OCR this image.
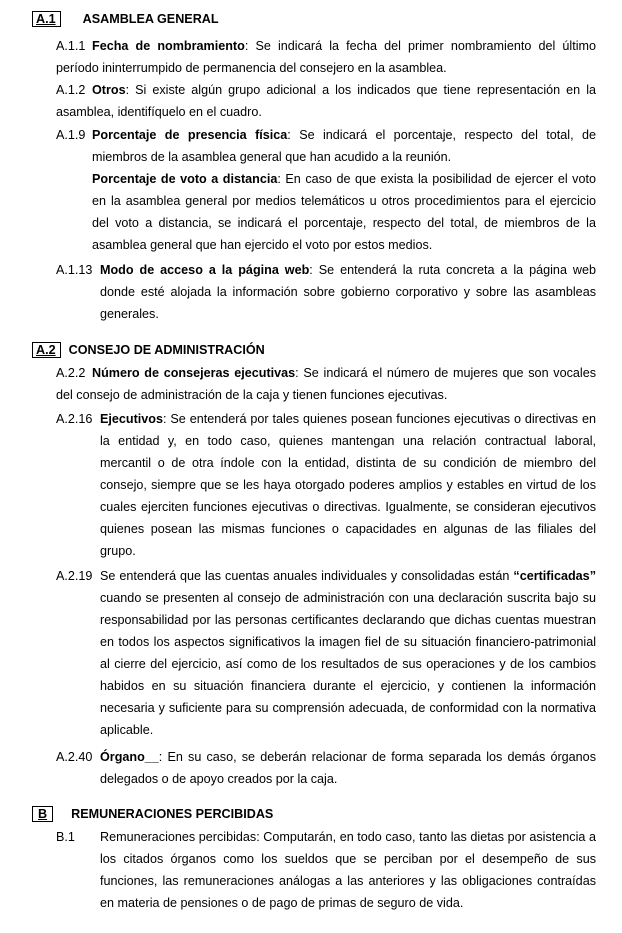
A.1	ASAMBLEA GENERAL
A.1.1 Fecha de nombramiento: Se indicará la fecha del primer nombramiento del último período ininterrumpido de permanencia del consejero en la asamblea.

A.1.2 Otros: Si existe algún grupo adicional a los indicados que tiene representación en la asamblea, identifíquelo en el cuadro.

A.1.9 Porcentaje de presencia física: Se indicará el porcentaje, respecto del total, de miembros de la asamblea general que han acudido a la reunión.

Porcentaje de voto a distancia: En caso de que exista la posibilidad de ejercer el voto en la asamblea general por medios telemáticos u otros procedimientos para el ejercicio del voto a distancia, se indicará el porcentaje, respecto del total, de miembros de la asamblea general que han ejercido el voto por estos medios.

A.1.13 Modo de acceso a la página web: Se entenderá la ruta concreta a la página web donde esté alojada la información sobre gobierno corporativo y sobre las asambleas generales.

A.2	CONSEJO DE ADMINISTRACIÓN
A.2.2 Número de consejeras ejecutivas: Se indicará el número de mujeres que son vocales del consejo de administración de la caja y tienen funciones ejecutivas.

A.2.16 Ejecutivos: Se entenderá por tales quienes posean funciones ejecutivas o directivas en la entidad y, en todo caso, quienes mantengan una relación contractual laboral, mercantil o de otra índole con la entidad, distinta de su condición de miembro del consejo, siempre que se les haya otorgado poderes amplios y estables en virtud de los cuales ejerciten funciones ejecutivas o directivas. Igualmente, se consideran ejecutivos quienes posean las mismas funciones o capacidades en algunas de las filiales del grupo.

A.2.19 Se entenderá que las cuentas anuales individuales y consolidadas están “certificadas” cuando se presenten al consejo de administración con una declaración suscrita bajo su responsabilidad por las personas certificantes declarando que dichas cuentas muestran en todos los aspectos significativos la imagen fiel de su situación financiero-patrimonial al cierre del ejercicio, así como de los resultados de sus operaciones y de los cambios habidos en su situación financiera durante el ejercicio, y contienen la información necesaria y suficiente para su comprensión adecuada, de conformidad con la normativa aplicable.

A.2.40 Órgano__: En su caso, se deberán relacionar de forma separada los demás órganos delegados o de apoyo creados por la caja.

B	REMUNERACIONES PERCIBIDAS
B.1	Remuneraciones percibidas: Computarán, en todo caso, tanto las dietas por asistencia a los citados órganos como los sueldos que se perciban por el desempeño de sus funciones, las remuneraciones análogas a las anteriores y las obligaciones contraídas en materia de pensiones o de pago de primas de seguro de vida.
